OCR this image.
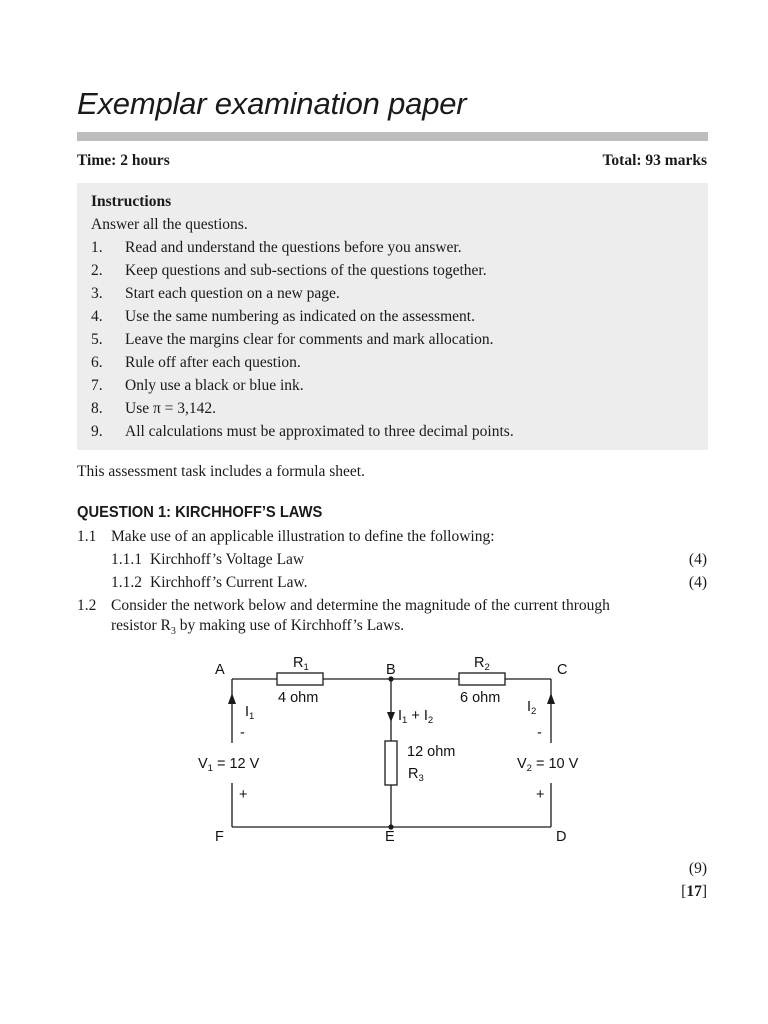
Exemplar examination paper
Time: 2 hours	Total: 93 marks
Instructions
Answer all the questions.
1. Read and understand the questions before you answer.
2. Keep questions and sub-sections of the questions together.
3. Start each question on a new page.
4. Use the same numbering as indicated on the assessment.
5. Leave the margins clear for comments and mark allocation.
6. Rule off after each question.
7. Only use a black or blue ink.
8. Use π = 3,142.
9. All calculations must be approximated to three decimal points.
This assessment task includes a formula sheet.
QUESTION 1: KIRCHHOFF’S LAWS
1.1 Make use of an applicable illustration to define the following:
1.1.1 Kirchhoff’s Voltage Law	(4)
1.1.2 Kirchhoff’s Current Law.	(4)
1.2 Consider the network below and determine the magnitude of the current through
resistor $R_3$ by making use of Kirchhoff’s Laws.
A	B	C
F	E	D
$R_1$
4 ohm
$R_2$
6 ohm
12 ohm
$R_3$
$I_1$
$I_2$
$I_1 + I_2$
-	-
+	+
$V_1 = 12$ V	$V_2 = 10$ V
(9)
[17]
